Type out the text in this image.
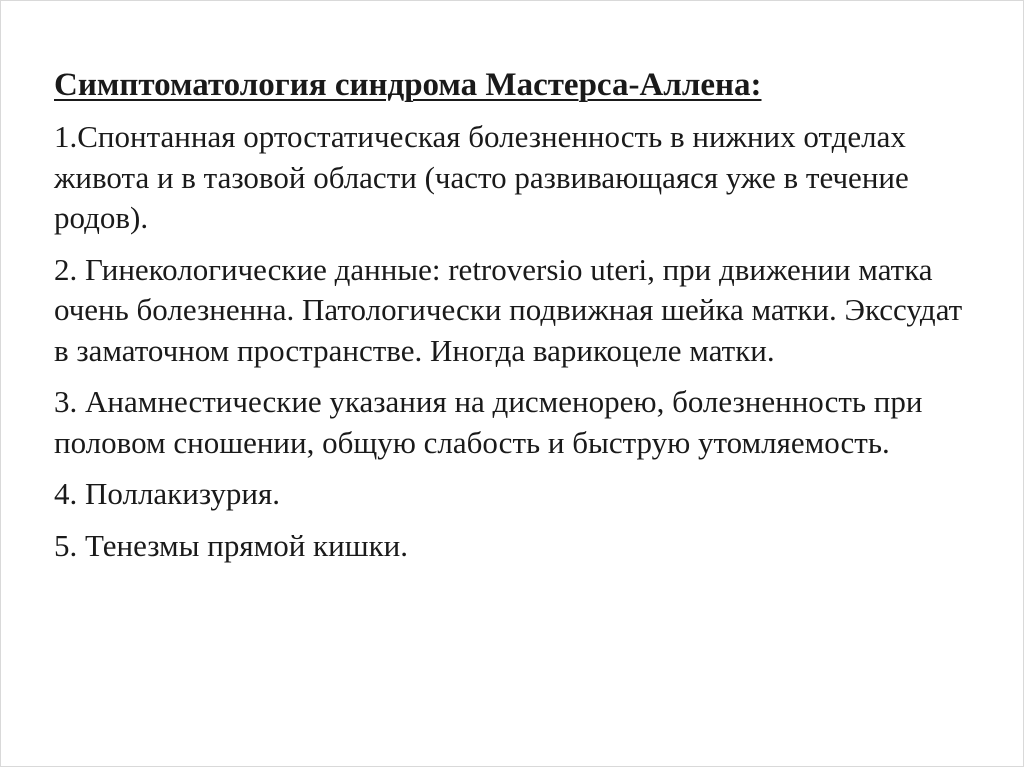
Симптоматология синдрома Мастерса-Аллена:
1.Спонтанная ортостатическая болезненность в нижних отделах живота и в тазовой области (часто развивающаяся уже в течение родов).
2. Гинекологические данные: retroversio uteri, при движении матка очень болезненна. Патологически подвижная шейка матки. Экссудат в заматочном пространстве. Иногда варикоцеле матки.
3. Анамнестические указания на дисменорею, болезненность при половом сношении, общую слабость и быструю утомляемость.
4. Поллакизурия.
5. Тенезмы прямой кишки.
